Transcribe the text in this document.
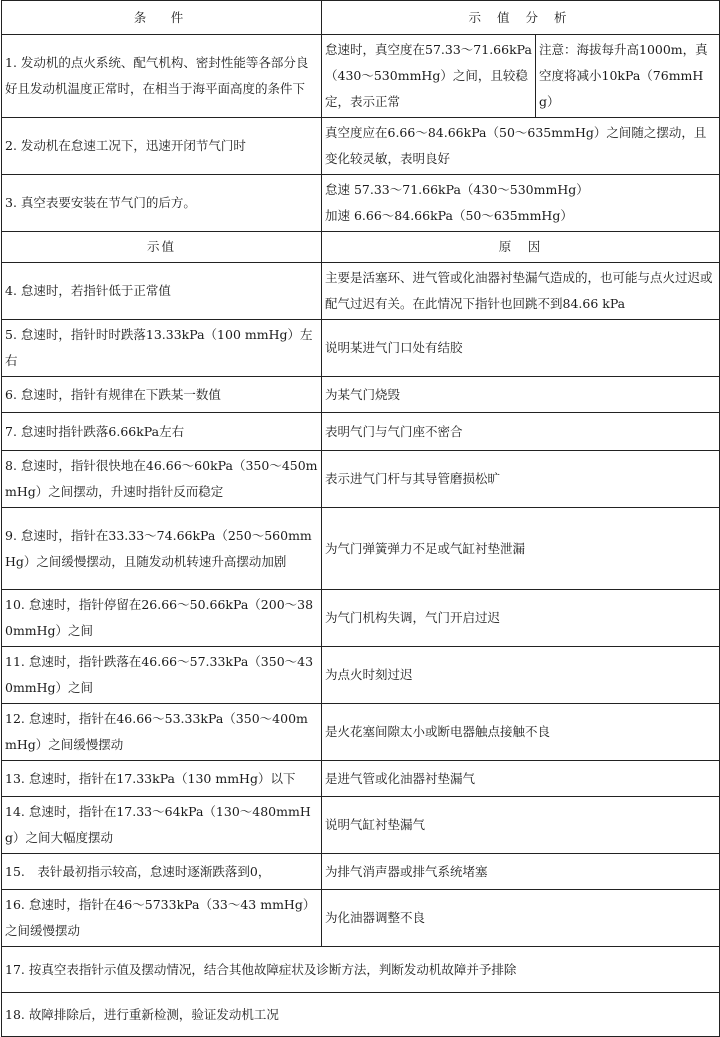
条　件	示 值 分 析	
1. 发动机的点火系统、配气机构、密封性能等各部分良好且发动机温度正常时，在相当于海平面高度的条件下	怠速时，真空度在57.33～71.66kPa（430～530mmHg）之间，且较稳定，表示正常	注意：海拔每升高1000m，真空度将减小10kPa（76mmHg）
2. 发动机在怠速工况下，迅速开闭节气门时	真空度应在6.66～84.66kPa（50～635mmHg）之间随之摆动，且变化较灵敏，表明良好	
3. 真空表要安装在节气门的后方。	怠速 57.33～71.66kPa（430～530mmHg）
加速 6.66～84.66kPa（50～635mmHg）	

示值	原　因	
4. 怠速时，若指针低于正常值	主要是活塞环、进气管或化油器衬垫漏气造成的，也可能与点火过迟或配气过迟有关。在此情况下指针也回跳不到84.66 kPa	
5. 怠速时，指针时时跌落13.33kPa（100 mmHg）左右	说明某进气门口处有结胶	
6. 怠速时，指针有规律在下跌某一数值	为某气门烧毁	
7. 怠速时指针跌落6.66kPa左右	表明气门与气门座不密合	
8. 怠速时，指针很快地在46.66～60kPa（350～450mmHg）之间摆动，升速时指针反而稳定	表示进气门杆与其导管磨损松旷	
9. 怠速时，指针在33.33～74.66kPa（250～560mmHg）之间缓慢摆动，且随发动机转速升高摆动加剧	为气门弹簧弹力不足或气缸衬垫泄漏	
10. 怠速时，指针停留在26.66～50.66kPa（200～380mmHg）之间	为气门机构失调，气门开启过迟	
11. 怠速时，指针跌落在46.66～57.33kPa（350～430mmHg）之间	为点火时刻过迟	
12. 怠速时，指针在46.66～53.33kPa（350～400mmHg）之间缓慢摆动	是火花塞间隙太小或断电器触点接触不良	
13. 怠速时，指针在17.33kPa（130 mmHg）以下	是进气管或化油器衬垫漏气	
14. 怠速时，指针在17.33～64kPa（130～480mmHg）之间大幅度摆动	说明气缸衬垫漏气	
15.　表针最初指示较高，怠速时逐渐跌落到0，	为排气消声器或排气系统堵塞	
16. 怠速时，指针在46～5733kPa（33～43 mmHg）之间缓慢摆动	为化油器调整不良	
17. 按真空表指针示值及摆动情况，结合其他故障症状及诊断方法，判断发动机故障并予排除		
18. 故障排除后，进行重新检测，验证发动机工况		
